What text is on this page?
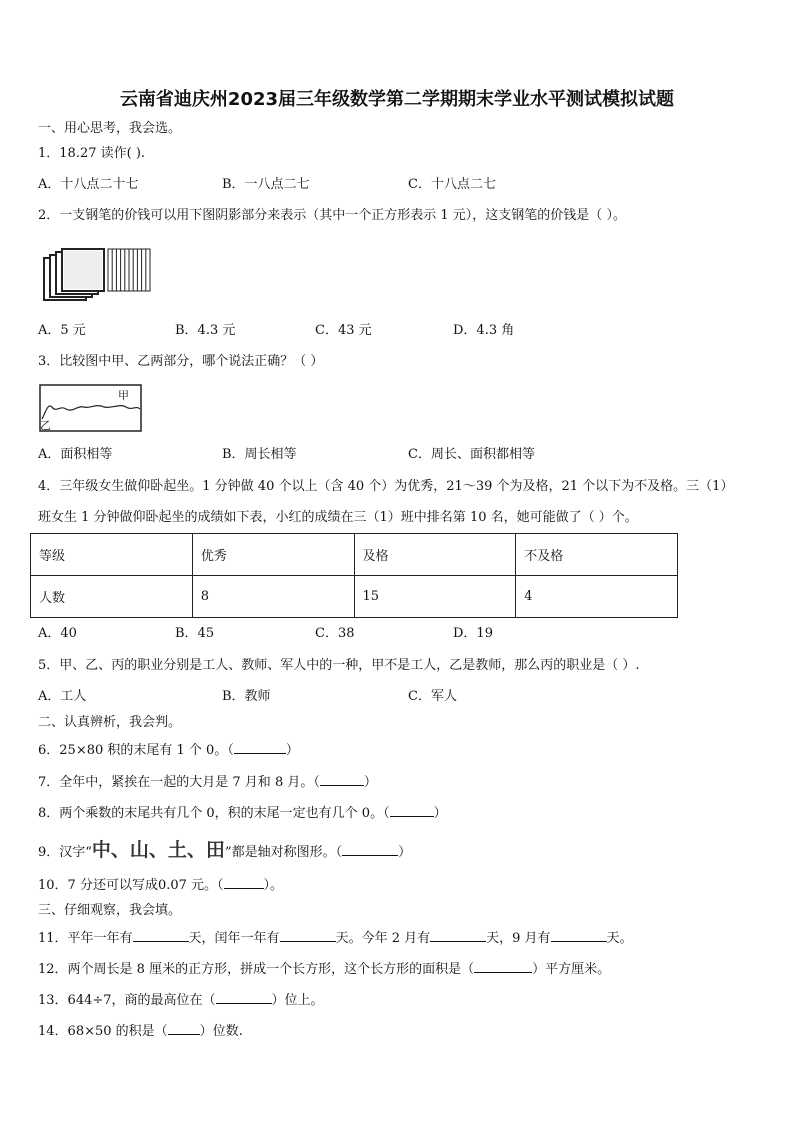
云南省迪庆州2023届三年级数学第二学期期末学业水平测试模拟试题
一、用心思考，我会选。
1．18.27 读作( ).
A．十八点二十七	B．一八点二七	C．十八点二七
2．一支钢笔的价钱可以用下图阴影部分来表示（其中一个正方形表示 1 元），这支钢笔的价钱是（ ）。
A．5 元	B．4.3 元	C．43 元	D．4.3 角
3．比较图中甲、乙两部分，哪个说法正确？（ ）
甲
乙
A．面积相等	B．周长相等	C．周长、面积都相等
4．三年级女生做仰卧起坐。1 分钟做 40 个以上（含 40 个）为优秀，21～39 个为及格，21 个以下为不及格。三（1）
班女生 1 分钟做仰卧起坐的成绩如下表，小红的成绩在三（1）班中排名第 10 名，她可能做了（ ）个。
等级	优秀	及格	不及格
人数	8	15	4
A．40	B．45	C．38	D．19
5．甲、乙、丙的职业分别是工人、教师、军人中的一种，甲不是工人，乙是教师，那么丙的职业是（ ）.
A．工人	B．教师	C．军人
二、认真辨析，我会判。
6．25×80 积的末尾有 1 个 0。（	）
7．全年中，紧挨在一起的大月是 7 月和 8 月。（	）
8．两个乘数的末尾共有几个 0，积的末尾一定也有几个 0。（	）
9．汉字“中、山、土、田”都是轴对称图形。（	）
10．7 分还可以写成0.07 元。（	）。
三、仔细观察，我会填。
11．平年一年有	天，闰年一年有	天。今年 2 月有	天，9 月有	天。
12．两个周长是 8 厘米的正方形，拼成一个长方形，这个长方形的面积是（	）平方厘米。
13．644÷7，商的最高位在（	）位上。
14．68×50 的积是（ ）位数.
